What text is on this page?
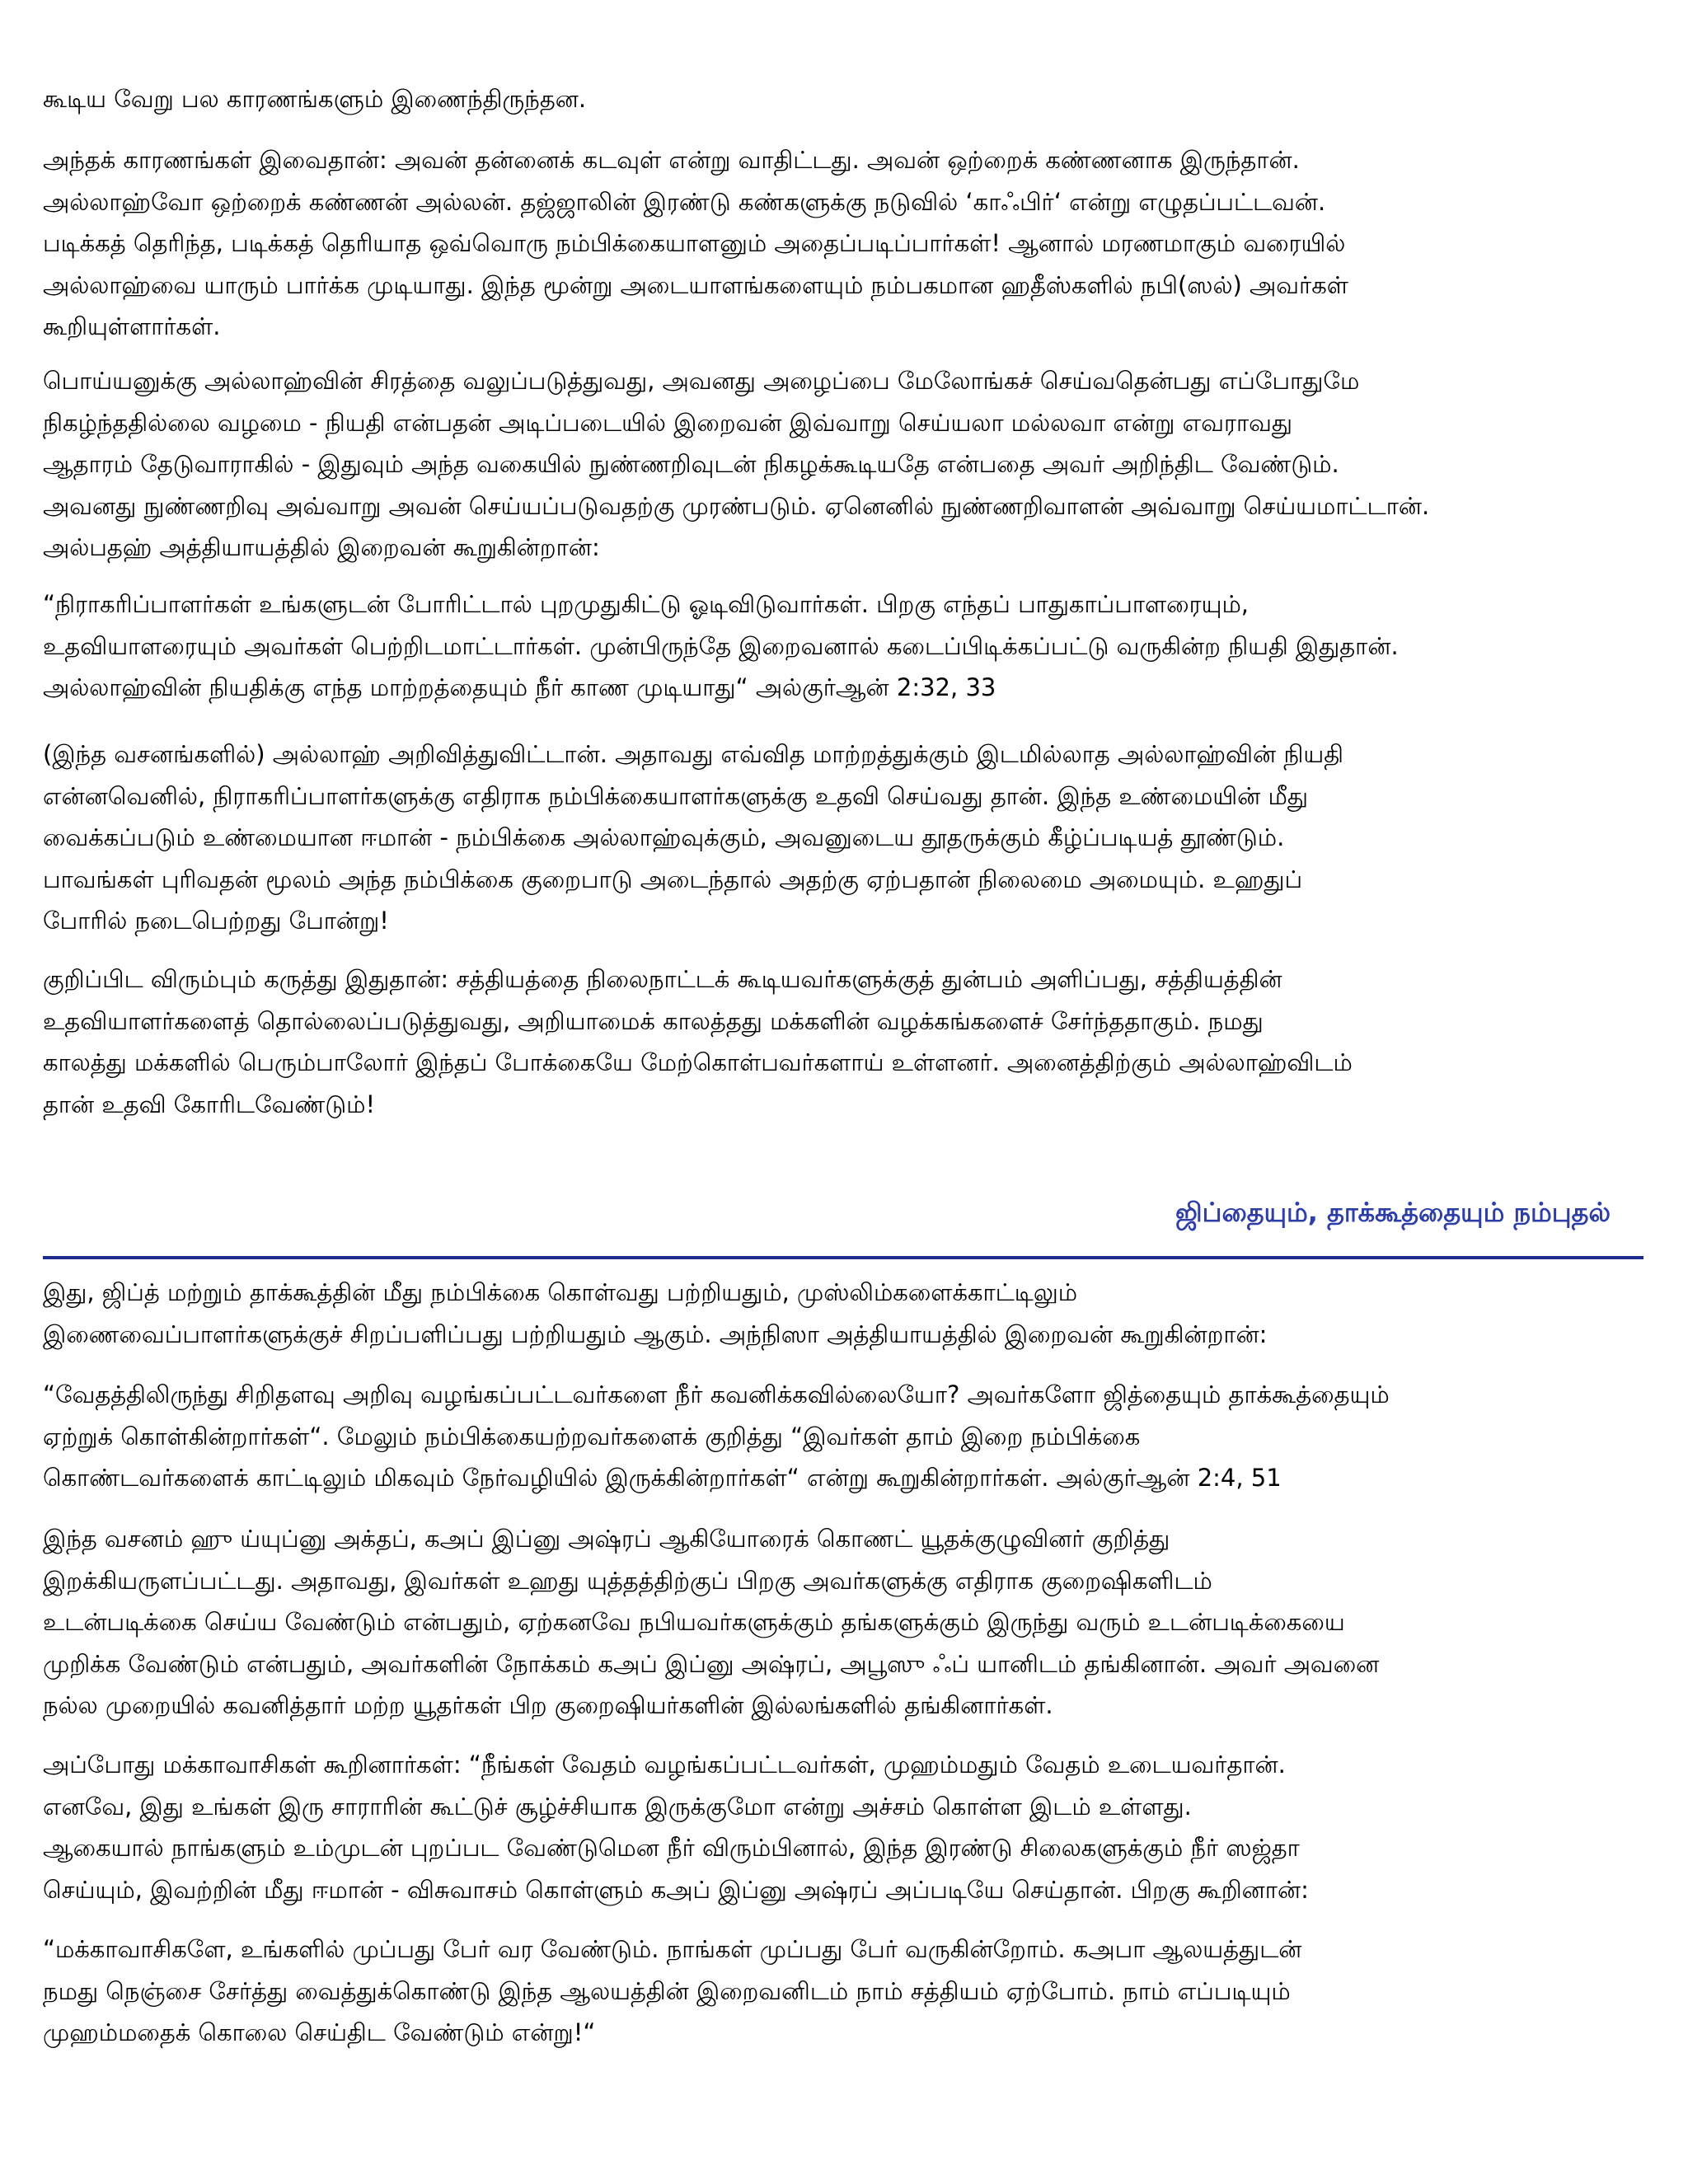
கூடிய வேறு பல காரணங்களும் இணைந்திருந்தன.

அந்தக் காரணங்கள் இவைதான்: அவன் தன்னைக் கடவுள் என்று வாதிட்டது. அவன் ஒற்றைக் கண்ணனாக இருந்தான்.
அல்லாஹ்வோ ஒற்றைக் கண்ணன் அல்லன். தஜ்ஜாலின் இரண்டு கண்களுக்கு நடுவில் ‘காஃபிர்‘ என்று எழுதப்பட்டவன்.
படிக்கத் தெரிந்த, படிக்கத் தெரியாத ஒவ்வொரு நம்பிக்கையாளனும் அதைப்படிப்பார்கள்! ஆனால் மரணமாகும் வரையில்
அல்லாஹ்வை யாரும் பார்க்க முடியாது. இந்த மூன்று அடையாளங்களையும் நம்பகமான ஹதீஸ்களில் நபி(ஸல்) அவர்கள்
கூறியுள்ளார்கள்.

பொய்யனுக்கு அல்லாஹ்வின் சிரத்தை வலுப்படுத்துவது, அவனது அழைப்பை மேலோங்கச் செய்வதென்பது எப்போதுமே
நிகழ்ந்ததில்லை வழமை - நியதி என்பதன் அடிப்படையில் இறைவன் இவ்வாறு செய்யலா மல்லவா என்று எவராவது
ஆதாரம் தேடுவாராகில் - இதுவும் அந்த வகையில் நுண்ணறிவுடன் நிகழக்கூடியதே என்பதை அவர் அறிந்திட வேண்டும்.
அவனது நுண்ணறிவு அவ்வாறு அவன் செய்யப்படுவதற்கு முரண்படும். ஏனெனில் நுண்ணறிவாளன் அவ்வாறு செய்யமாட்டான்.
அல்பதஹ் அத்தியாயத்தில் இறைவன் கூறுகின்றான்:

“நிராகரிப்பாளர்கள் உங்களுடன் போரிட்டால் புறமுதுகிட்டு ஓடிவிடுவார்கள். பிறகு எந்தப் பாதுகாப்பாளரையும்,
உதவியாளரையும் அவர்கள் பெற்றிடமாட்டார்கள். முன்பிருந்தே இறைவனால் கடைப்பிடிக்கப்பட்டு வருகின்ற நியதி இதுதான்.
அல்லாஹ்வின் நியதிக்கு எந்த மாற்றத்தையும் நீர் காண முடியாது“ அல்குர்ஆன் 2:32, 33

(இந்த வசனங்களில்) அல்லாஹ் அறிவித்துவிட்டான். அதாவது எவ்வித மாற்றத்துக்கும் இடமில்லாத அல்லாஹ்வின் நியதி
என்னவெனில், நிராகரிப்பாளர்களுக்கு எதிராக நம்பிக்கையாளர்களுக்கு உதவி செய்வது தான். இந்த உண்மையின் மீது
வைக்கப்படும் உண்மையான ஈமான் - நம்பிக்கை அல்லாஹ்வுக்கும், அவனுடைய தூதருக்கும் கீழ்ப்படியத் தூண்டும்.
பாவங்கள் புரிவதன் மூலம் அந்த நம்பிக்கை குறைபாடு அடைந்தால் அதற்கு ஏற்பதான் நிலைமை அமையும். உஹதுப்
போரில் நடைபெற்றது போன்று!

குறிப்பிட விரும்பும் கருத்து இதுதான்: சத்தியத்தை நிலைநாட்டக் கூடியவர்களுக்குத் துன்பம் அளிப்பது, சத்தியத்தின்
உதவியாளர்களைத் தொல்லைப்படுத்துவது, அறியாமைக் காலத்தது மக்களின் வழக்கங்களைச் சேர்ந்ததாகும். நமது
காலத்து மக்களில் பெரும்பாலோர் இந்தப் போக்கையே மேற்கொள்பவர்களாய் உள்ளனர். அனைத்திற்கும் அல்லாஹ்விடம்
தான் உதவி கோரிடவேண்டும்!

ஜிப்தையும், தாக்கூத்தையும் நம்புதல்

இது, ஜிப்த் மற்றும் தாக்கூத்தின் மீது நம்பிக்கை கொள்வது பற்றியதும், முஸ்லிம்களைக்காட்டிலும்
இணைவைப்பாளர்களுக்குச் சிறப்பளிப்பது பற்றியதும் ஆகும். அந்நிஸா அத்தியாயத்தில் இறைவன் கூறுகின்றான்:

“வேதத்திலிருந்து சிறிதளவு அறிவு வழங்கப்பட்டவர்களை நீர் கவனிக்கவில்லையோ? அவர்களோ ஜித்தையும் தாக்கூத்தையும்
ஏற்றுக் கொள்கின்றார்கள்“. மேலும் நம்பிக்கையற்றவர்களைக் குறித்து “இவர்கள் தாம் இறை நம்பிக்கை
கொண்டவர்களைக் காட்டிலும் மிகவும் நேர்வழியில் இருக்கின்றார்கள்“ என்று கூறுகின்றார்கள். அல்குர்ஆன் 2:4, 51

இந்த வசனம் ஹு ய்யுப்னு அக்தப், கஅப் இப்னு அஷ்ரப் ஆகியோரைக் கொணட் யூதக்குழுவினர் குறித்து
இறக்கியருளப்பட்டது. அதாவது, இவர்கள் உஹது யுத்தத்திற்குப் பிறகு அவர்களுக்கு எதிராக குறைஷிகளிடம்
உடன்படிக்கை செய்ய வேண்டும் என்பதும், ஏற்கனவே நபியவர்களுக்கும் தங்களுக்கும் இருந்து வரும் உடன்படிக்கையை
முறிக்க வேண்டும் என்பதும், அவர்களின் நோக்கம் கஅப் இப்னு அஷ்ரப், அபூஸு ஃப் யானிடம் தங்கினான். அவர் அவனை
நல்ல முறையில் கவனித்தார் மற்ற யூதர்கள் பிற குறைஷியர்களின் இல்லங்களில் தங்கினார்கள்.

அப்போது மக்காவாசிகள் கூறினார்கள்: “நீங்கள் வேதம் வழங்கப்பட்டவர்கள், முஹம்மதும் வேதம் உடையவர்தான்.
எனவே, இது உங்கள் இரு சாராரின் கூட்டுச் சூழ்ச்சியாக இருக்குமோ என்று அச்சம் கொள்ள இடம் உள்ளது.
ஆகையால் நாங்களும் உம்முடன் புறப்பட வேண்டுமென நீர் விரும்பினால், இந்த இரண்டு சிலைகளுக்கும் நீர் ஸஜ்தா
செய்யும், இவற்றின் மீது ஈமான் - விசுவாசம் கொள்ளும் கஅப் இப்னு அஷ்ரப் அப்படியே செய்தான். பிறகு கூறினான்:

“மக்காவாசிகளே, உங்களில் முப்பது பேர் வர வேண்டும். நாங்கள் முப்பது பேர் வருகின்றோம். கஅபா ஆலயத்துடன்
நமது நெஞ்சை சேர்த்து வைத்துக்கொண்டு இந்த ஆலயத்தின் இறைவனிடம் நாம் சத்தியம் ஏற்போம். நாம் எப்படியும்
முஹம்மதைக் கொலை செய்திட வேண்டும் என்று!“
